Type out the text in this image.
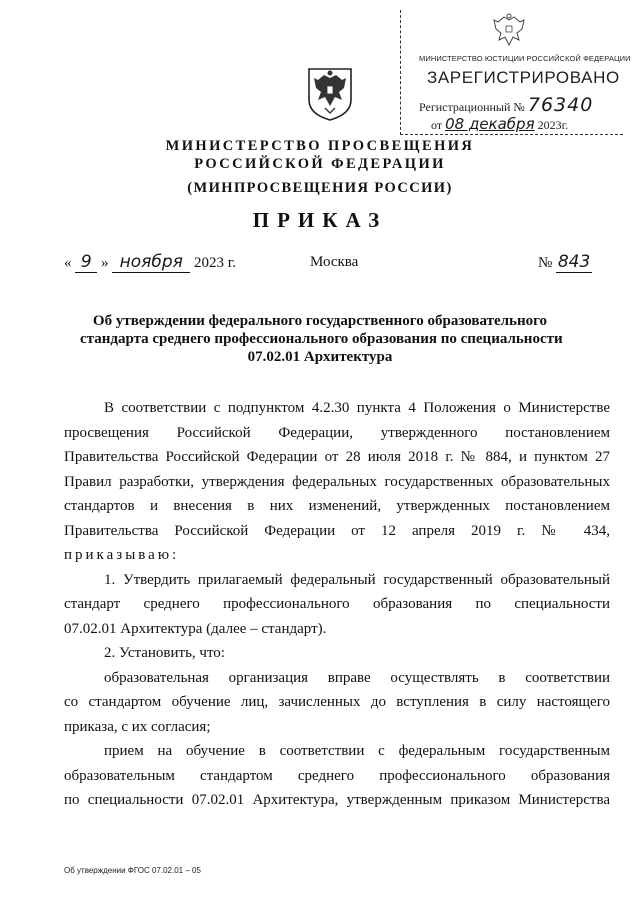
МИНИСТЕРСТВО ЮСТИЦИИ РОССИЙСКОЙ ФЕДЕРАЦИИ
ЗАРЕГИСТРИРОВАНО
Регистрационный № 76340
от 08 декабря 2023г.
МИНИСТЕРСТВО ПРОСВЕЩЕНИЯ
РОССИЙСКОЙ ФЕДЕРАЦИИ
(МИНПРОСВЕЩЕНИЯ РОССИИ)
ПРИКАЗ
« 9 » ноября 2023 г.	Москва	№ 843
Об утверждении федерального государственного образовательного
стандарта среднего профессионального образования по специальности
07.02.01 Архитектура
В соответствии с подпунктом 4.2.30 пункта 4 Положения о Министерстве
просвещения Российской Федерации, утвержденного постановлением
Правительства Российской Федерации от 28 июля 2018 г. № 884, и пунктом 27
Правил разработки, утверждения федеральных государственных образовательных
стандартов и внесения в них изменений, утвержденных постановлением
Правительства Российской Федерации от 12 апреля 2019 г. № 434,
приказываю:
1. Утвердить прилагаемый федеральный государственный образовательный
стандарт среднего профессионального образования по специальности
07.02.01 Архитектура (далее – стандарт).
2. Установить, что:
образовательная организация вправе осуществлять в соответствии
со стандартом обучение лиц, зачисленных до вступления в силу настоящего
приказа, с их согласия;
прием на обучение в соответствии с федеральным государственным
образовательным стандартом среднего профессионального образования
по специальности 07.02.01 Архитектура, утвержденным приказом Министерства
Об утверждении ФГОС 07.02.01 – 05
